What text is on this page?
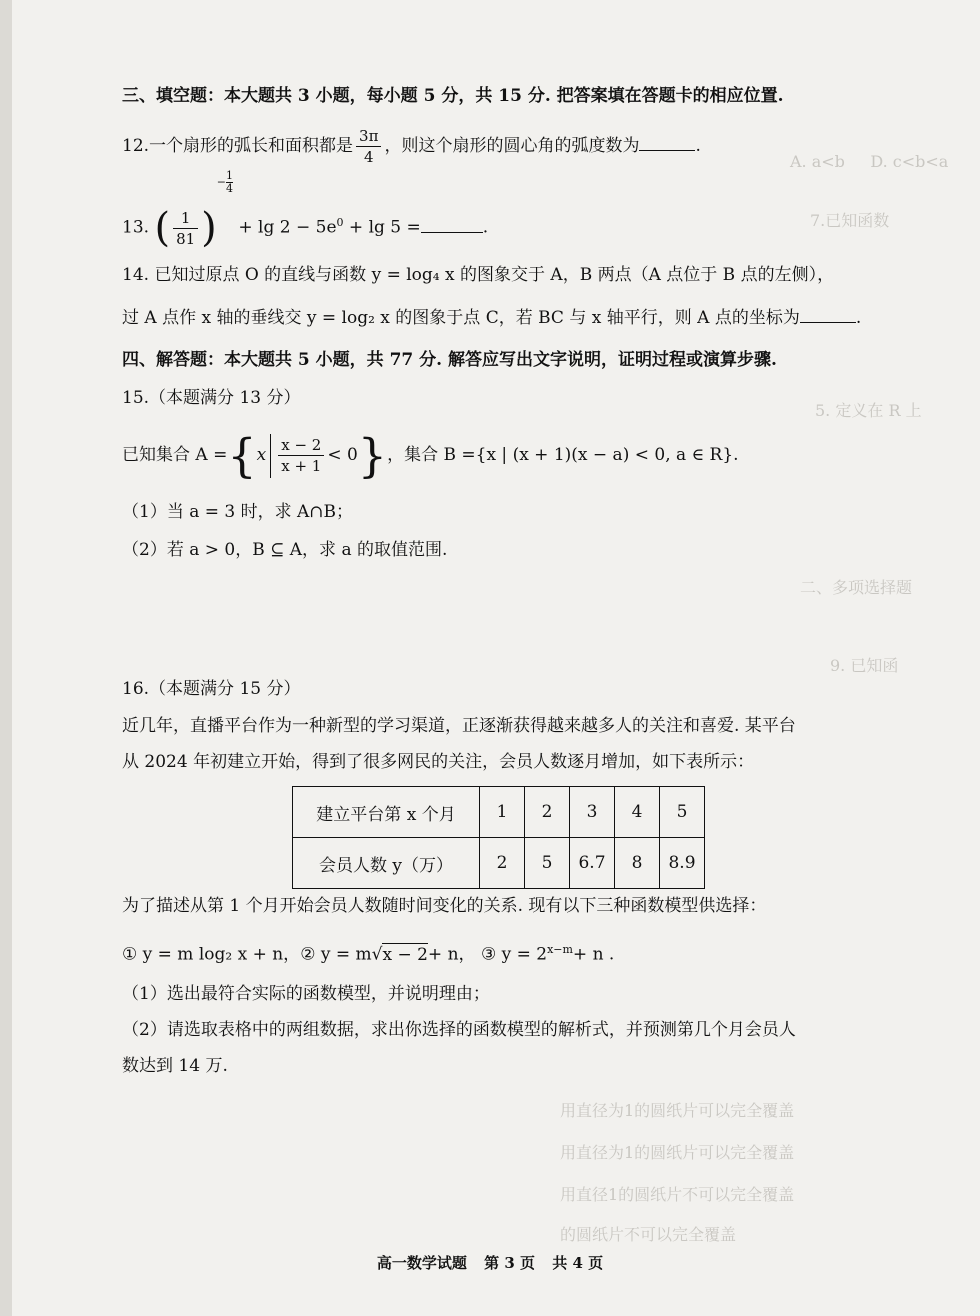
A. a<b     D. c<b<a
7.已知函数
5. 定义在 R 上
二、多项选择题
9. 已知函
用直径为1的圆纸片可以完全覆盖
用直径为1的圆纸片可以完全覆盖
用直径1的圆纸片不可以完全覆盖
的圆纸片不可以完全覆盖
三、填空题：本大题共 3 小题，每小题 5 分，共 15 分. 把答案填在答题卡的相应位置.
12.一个扇形的弧长和面积都是 $\frac{3\pi}{4}$ ，则这个扇形的圆心角的弧度数为	.
13. ( $\frac{1}{81}$ )− $\frac{1}{4}$
+ $\lg 2 - 5e^0 + \lg 5$ =	.
14. 已知过原点 O 的直线与函数 y = log₄ x 的图象交于 A，B 两点（A 点位于 B 点的左侧），
过 A 点作 x 轴的垂线交 y = log₂ x 的图象于点 C，若 BC 与 x 轴平行，则 A 点的坐标为	.
四、解答题：本大题共 5 小题，共 77 分. 解答应写出文字说明，证明过程或演算步骤.
15.（本题满分 13 分）
已知集合 $A =\{x \frac{x - 2}{x + 1} < 0\}$，集合 B ={x | (x + 1)(x − a) < 0, a ∈ R}.
（1）当 a = 3 时，求 A∩B；
（2）若 a > 0，B ⊆ A，求 a 的取值范围.
16.（本题满分 15 分）
近几年，直播平台作为一种新型的学习渠道，正逐渐获得越来越多人的关注和喜爱. 某平台
从 2024 年初建立开始，得到了很多网民的关注，会员人数逐月增加，如下表所示：
建立平台第 x 个月	1	2	3	4	5
会员人数 y（万）	2	5	6.7	8	8.9
为了描述从第 1 个月开始会员人数随时间变化的关系. 现有以下三种函数模型供选择：
① y = m log₂ x + n，② y = m√x − 2+ n， ③ $y = 2^{x-m}+ n$ .
（1）选出最符合实际的函数模型，并说明理由；
（2）请选取表格中的两组数据，求出你选择的函数模型的解析式，并预测第几个月会员人
数达到 14 万.
高一数学试题 第 3 页 共 4 页
